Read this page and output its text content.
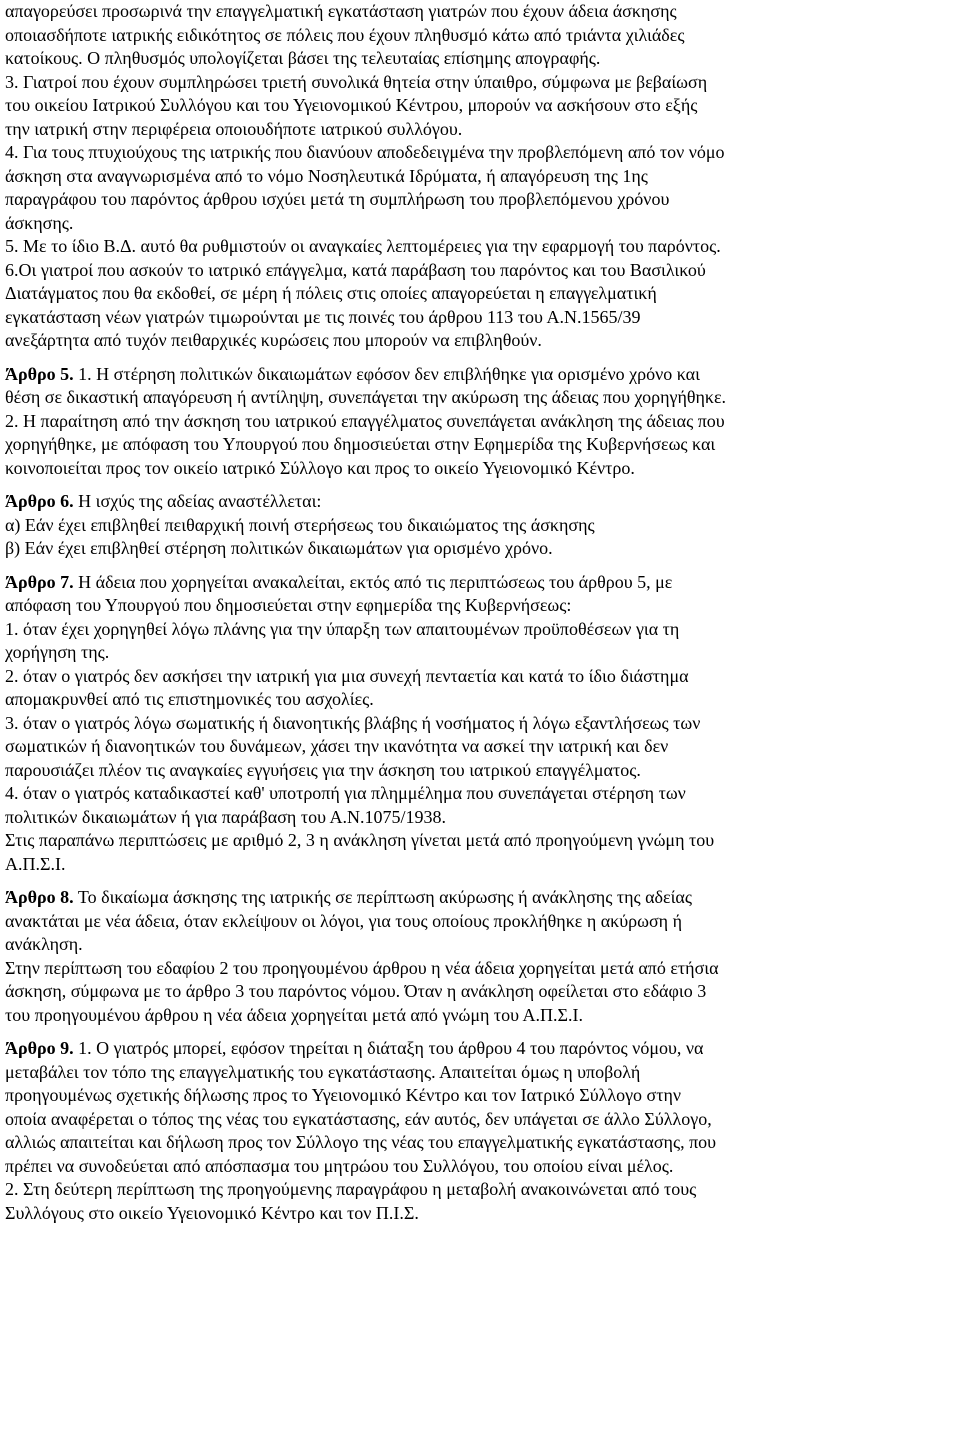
απαγορεύσει προσωρινά την επαγγελματική εγκατάσταση γιατρών που έχουν άδεια άσκησης
οποιασδήποτε ιατρικής ειδικότητος σε πόλεις που έχουν πληθυσμό κάτω από τριάντα χιλιάδες
κατοίκους. Ο πληθυσμός υπολογίζεται βάσει της τελευταίας επίσημης απογραφής.
3. Γιατροί που έχουν συμπληρώσει τριετή συνολικά θητεία στην ύπαιθρο, σύμφωνα με βεβαίωση
του οικείου Ιατρικού Συλλόγου και του Υγειονομικού Κέντρου, μπορούν να ασκήσουν στο εξής
την ιατρική στην περιφέρεια οποιουδήποτε ιατρικού συλλόγου.
4. Για τους πτυχιούχους της ιατρικής που διανύουν αποδεδειγμένα την προβλεπόμενη από τον νόμο
άσκηση στα αναγνωρισμένα από το νόμο Νοσηλευτικά Ιδρύματα, ή απαγόρευση της 1ης
παραγράφου του παρόντος άρθρου ισχύει μετά τη συμπλήρωση του προβλεπόμενου χρόνου
άσκησης.
5. Με το ίδιο Β.Δ. αυτό θα ρυθμιστούν οι αναγκαίες λεπτομέρειες για την εφαρμογή του παρόντος.
6.Οι γιατροί που ασκούν το ιατρικό επάγγελμα, κατά παράβαση του παρόντος και του Βασιλικού
Διατάγματος που θα εκδοθεί, σε μέρη ή πόλεις στις οποίες απαγορεύεται η επαγγελματική
εγκατάσταση νέων γιατρών τιμωρούνται με τις ποινές του άρθρου 113 του Α.Ν.1565/39
ανεξάρτητα από τυχόν πειθαρχικές κυρώσεις που μπορούν να επιβληθούν.
Άρθρο 5. 1. Η στέρηση πολιτικών δικαιωμάτων εφόσον δεν επιβλήθηκε για ορισμένο χρόνο και
θέση σε δικαστική απαγόρευση ή αντίληψη, συνεπάγεται την ακύρωση της άδειας που χορηγήθηκε.
2. Η παραίτηση από την άσκηση του ιατρικού επαγγέλματος συνεπάγεται ανάκληση της άδειας που
χορηγήθηκε, με απόφαση του Υπουργού που δημοσιεύεται στην Εφημερίδα της Κυβερνήσεως και
κοινοποιείται προς τον οικείο ιατρικό Σύλλογο και προς το οικείο Υγειονομικό Κέντρο.
Άρθρο 6. Η ισχύς της αδείας αναστέλλεται:
α) Εάν έχει επιβληθεί πειθαρχική ποινή στερήσεως του δικαιώματος της άσκησης
β) Εάν έχει επιβληθεί στέρηση πολιτικών δικαιωμάτων για ορισμένο χρόνο.
Άρθρο 7. Η άδεια που χορηγείται ανακαλείται, εκτός από τις περιπτώσεως του άρθρου 5, με
απόφαση του Υπουργού που δημοσιεύεται στην εφημερίδα της Κυβερνήσεως:
1. όταν έχει χορηγηθεί λόγω πλάνης για την ύπαρξη των απαιτουμένων προϋποθέσεων για τη
χορήγηση της.
2. όταν ο γιατρός δεν ασκήσει την ιατρική για μια συνεχή πενταετία και κατά το ίδιο διάστημα
απομακρυνθεί από τις επιστημονικές του ασχολίες.
3. όταν ο γιατρός λόγω σωματικής ή διανοητικής βλάβης ή νοσήματος ή λόγω εξαντλήσεως των
σωματικών ή διανοητικών του δυνάμεων, χάσει την ικανότητα να ασκεί την ιατρική και δεν
παρουσιάζει πλέον τις αναγκαίες εγγυήσεις για την άσκηση του ιατρικού επαγγέλματος.
4. όταν ο γιατρός καταδικαστεί καθ' υποτροπή για πλημμέλημα που συνεπάγεται στέρηση των
πολιτικών δικαιωμάτων ή για παράβαση του Α.Ν.1075/1938.
Στις παραπάνω περιπτώσεις με αριθμό 2, 3 η ανάκληση γίνεται μετά από προηγούμενη γνώμη του
Α.Π.Σ.Ι.
Άρθρο 8. Το δικαίωμα άσκησης της ιατρικής σε περίπτωση ακύρωσης ή ανάκλησης της αδείας
ανακτάται με νέα άδεια, όταν εκλείψουν οι λόγοι, για τους οποίους προκλήθηκε η ακύρωση ή
ανάκληση.
Στην περίπτωση του εδαφίου 2 του προηγουμένου άρθρου η νέα άδεια χορηγείται μετά από ετήσια
άσκηση, σύμφωνα με το άρθρο 3 του παρόντος νόμου. Όταν η ανάκληση οφείλεται στο εδάφιο 3
του προηγουμένου άρθρου η νέα άδεια χορηγείται μετά από γνώμη του Α.Π.Σ.Ι.
Άρθρο 9. 1. Ο γιατρός μπορεί, εφόσον τηρείται η διάταξη του άρθρου 4 του παρόντος νόμου, να
μεταβάλει τον τόπο της επαγγελματικής του εγκατάστασης. Απαιτείται όμως η υποβολή
προηγουμένως σχετικής δήλωσης προς το Υγειονομικό Κέντρο και τον Ιατρικό Σύλλογο στην
οποία αναφέρεται ο τόπος της νέας του εγκατάστασης, εάν αυτός, δεν υπάγεται σε άλλο Σύλλογο,
αλλιώς απαιτείται και δήλωση προς τον Σύλλογο της νέας του επαγγελματικής εγκατάστασης, που
πρέπει να συνοδεύεται από απόσπασμα του μητρώου του Συλλόγου, του οποίου είναι μέλος.
2. Στη δεύτερη περίπτωση της προηγούμενης παραγράφου η μεταβολή ανακοινώνεται από τους
Συλλόγους στο οικείο Υγειονομικό Κέντρο και τον Π.Ι.Σ.
